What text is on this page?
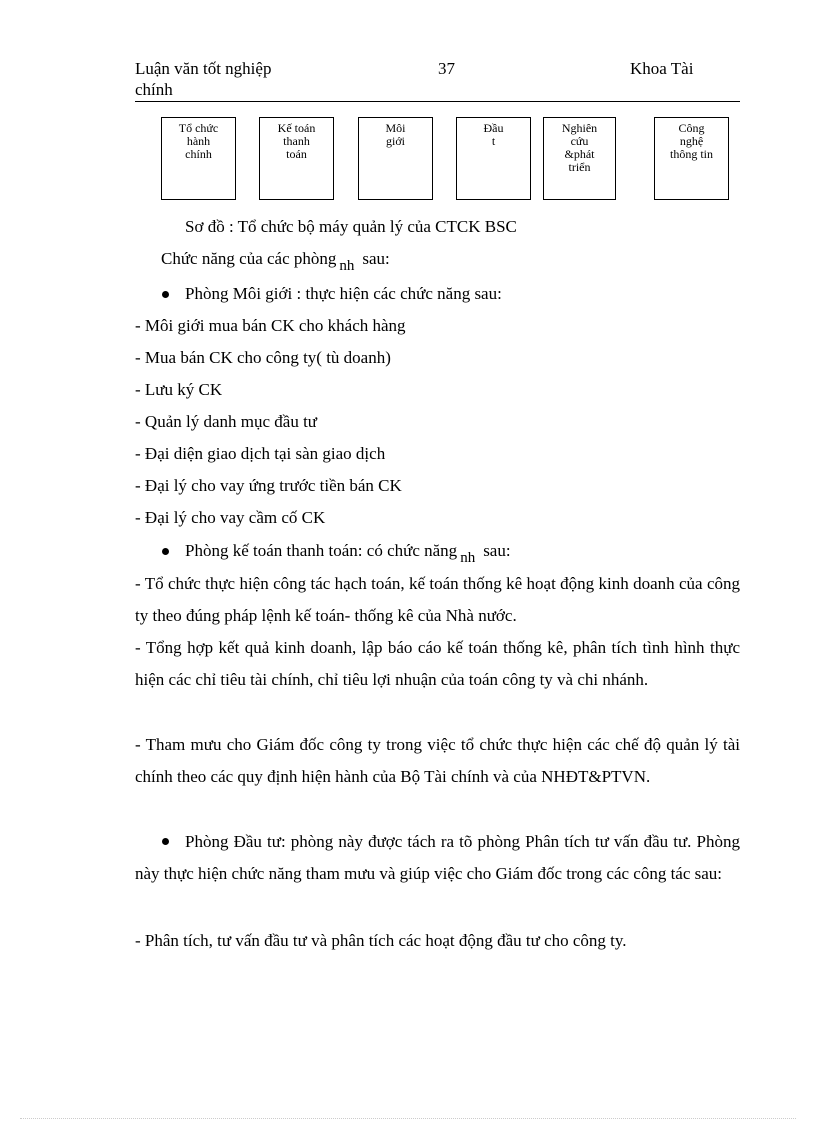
Luận văn tốt nghiệp
chính
37	Khoa Tài
Tổ chức
hành
chính
Kế toán
thanh
toán
Môi
giới
Đầu
t
Nghiên
cứu
&phát
triển
Công
nghệ
thông tin
Sơ đồ : Tổ chức bộ máy quản lý của CTCK BSC
Chức năng của các phòng nh sau:
Phòng Môi giới : thực hiện các chức năng sau:
- Môi giới mua bán CK cho khách hàng
- Mua bán CK cho công ty( tù doanh)
- Lưu ký CK
- Quản lý danh mục đầu tư
- Đại diện giao dịch tại sàn giao dịch
- Đại lý cho vay ứng trước tiền bán CK
- Đại lý cho vay cầm cố CK
Phòng kế toán thanh toán: có chức năng nh sau:
- Tổ chức thực hiện công tác hạch toán, kế toán thống kê hoạt động kinh doanh của công ty theo đúng pháp lệnh kế toán- thống kê của Nhà nước.
- Tổng hợp kết quả kinh doanh, lập báo cáo kế toán thống kê, phân tích tình hình thực hiện các chỉ tiêu tài chính, chỉ tiêu lợi nhuận của toán công ty và chi nhánh.
- Tham mưu cho Giám đốc công ty trong việc tổ chức thực hiện các chế độ quản lý tài chính theo các quy định hiện hành của Bộ Tài chính và của NHĐT&PTVN.
Phòng Đầu tư: phòng này được tách ra tõ phòng Phân tích tư vấn đầu tư. Phòng này thực hiện chức năng tham mưu và giúp việc cho Giám đốc trong các công tác sau:
- Phân tích, tư vấn đầu tư và phân tích các hoạt động đầu tư cho công ty.
